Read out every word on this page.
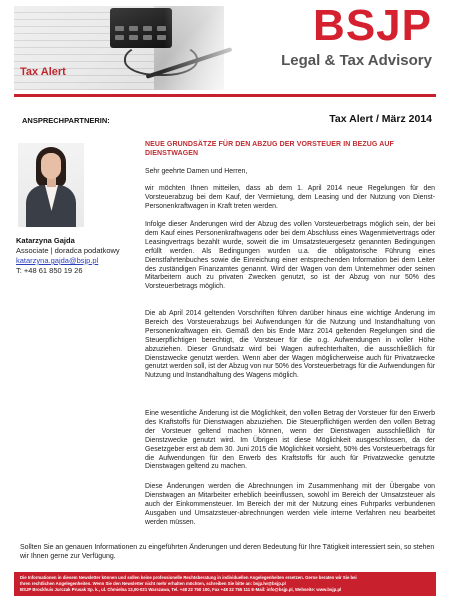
Tax Alert
BSJP
Legal & Tax Advisory
ANSPRECHPARTNERIN:
Katarzyna Gajda
Associate | doradca podatkowy
katarzyna.gajda@bsjp.pl
T: +48 61 850 19 26
Tax Alert / März 2014
NEUE GRUNDSÄTZE FÜR DEN ABZUG DER VORSTEUER IN BEZUG AUF DIENSTWAGEN
Sehr geehrte Damen und Herren,
wir möchten Ihnen mitteilen, dass ab dem 1. April 2014 neue Regelungen für den Vorsteuerabzug bei dem Kauf, der Vermietung, dem Leasing und der Nutzung von Dienst-Personenkraftwagen in Kraft treten werden.
Infolge dieser Änderungen wird der Abzug des vollen Vorsteuerbetrags möglich sein, der bei dem Kauf eines Personenkraftwagens oder bei dem Abschluss eines Wagenmietvertrags oder Leasingvertrags bezahlt wurde, soweit die im Umsatzsteuergesetz genannten Bedingungen erfüllt werden. Als Bedingungen wurden u.a. die obligatorische Führung eines Dienstfahrtenbuches sowie die Einreichung einer entsprechenden Information bei dem Leiter des zuständigen Finanzamtes genannt. Wird der Wagen von dem Unternehmer oder seinen Mitarbeitern auch zu privaten Zwecken genutzt, so ist der Abzug von nur 50% des Vorsteuerbetrags möglich.
Die ab April 2014 geltenden Vorschriften führen darüber hinaus eine wichtige Änderung im Bereich des Vorsteuerabzugs bei Aufwendungen für die Nutzung und Instandhaltung von Personenkraftwagen ein. Gemäß den bis Ende März 2014 geltenden Regelungen sind die Steuerpflichtigen berechtigt, die Vorsteuer für die o.g. Aufwendungen in voller Höhe abzuziehen. Dieser Grundsatz wird bei Wagen aufrechterhalten, die ausschließlich für Dienstzwecke genutzt werden. Wenn aber der Wagen möglicherweise auch für Privatzwecke genutzt werden soll, ist der Abzug von nur 50% des Vorsteuerbetrags für die Aufwendungen für Nutzung und Instandhaltung des Wagens möglich.
Eine wesentliche Änderung ist die Möglichkeit, den vollen Betrag der Vorsteuer für den Erwerb des Kraftstoffs für Dienstwagen abzuziehen. Die Steuerpflichtigen werden den vollen Betrag der Vorsteuer geltend machen können, wenn der Dienstwagen ausschließlich für Dienstzwecke genutzt wird. Im Übrigen ist diese Möglichkeit ausgeschlossen, da der Gesetzgeber erst ab dem 30. Juni 2015 die Möglichkeit vorsieht, 50% des Vorsteuerbetrags für die Aufwendungen für den Erwerb des Kraftstoffs für auch für Privatzwecke genutzte Dienstwagen geltend zu machen.
Diese Änderungen werden die Abrechnungen im Zusammenhang mit der Übergabe von Dienstwagen an Mitarbeiter erheblich beeinflussen, sowohl im Bereich der Umsatzsteuer als auch der Einkommensteuer. Im Bereich der mit der Nutzung eines Fuhrparks verbundenen Ausgaben und Umsatzsteuer-abrechnungen werden viele interne Verfahren neu bearbeitet werden müssen.
Sollten Sie an genauen Informationen zu eingeführten Änderungen und deren Bedeutung für Ihre Tätigkeit interessiert sein, so stehen wir Ihnen gerne zur Verfügung.
Die Informationen in diesem Newsletter können und sollen keine professionelle Rechtsberatung in individuellen Angelegenheiten ersetzen. Gerne beraten wir Sie bei
Ihren rechtlichen Angelegenheiten. Wenn Sie den Newsletter nicht mehr erhalten möchten, schreiben Sie bitte an: bsjp.lw@bsjp.pl
BSJP Brockhuis Jurczak Prusak Sp. k., ul. Chmielna 13,00-021 Warszawa, Tel. +48 22 750 100, Fax +48 22 755 111 E-Mail: info@bsjp.pl, Webseite: www.bsjp.pl
